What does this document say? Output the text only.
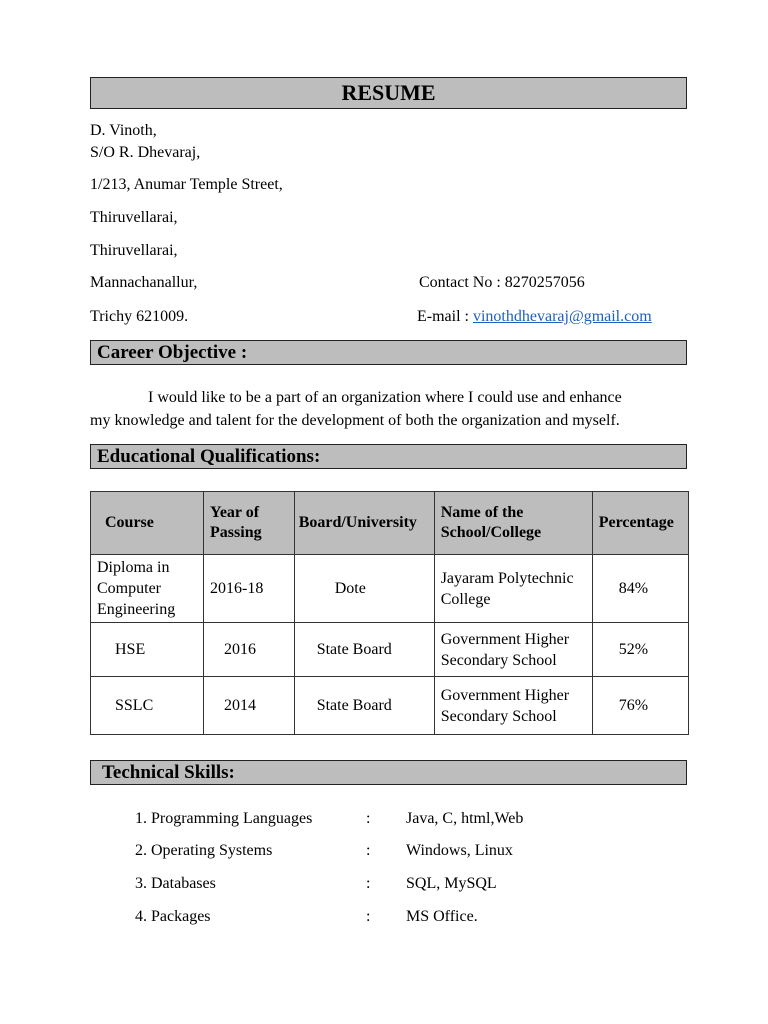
RESUME
D. Vinoth,
S/O R. Dhevaraj,
1/213, Anumar Temple Street,
Thiruvellarai,
Thiruvellarai,
Mannachanallur,
Trichy 621009.
Contact No : 8270257056
E-mail : vinothdhevaraj@gmail.com
Career Objective :
I would like to be a part of an organization where I could use and enhance
my knowledge and talent for the development of both the organization and myself.
Educational Qualifications:
Course	Year of Passing	Board/University	Name of the School/College	Percentage
Diploma in Computer Engineering	2016-18	Dote	Jayaram Polytechnic College	84%
HSE	2016	State Board	Government Higher Secondary School	52%
SSLC	2014	State Board	Government Higher Secondary School	76%
Technical Skills:
1. Programming Languages	: Java, C, html,Web
2. Operating Systems	: Windows, Linux
3. Databases	: SQL, MySQL
4. Packages	: MS Office.
